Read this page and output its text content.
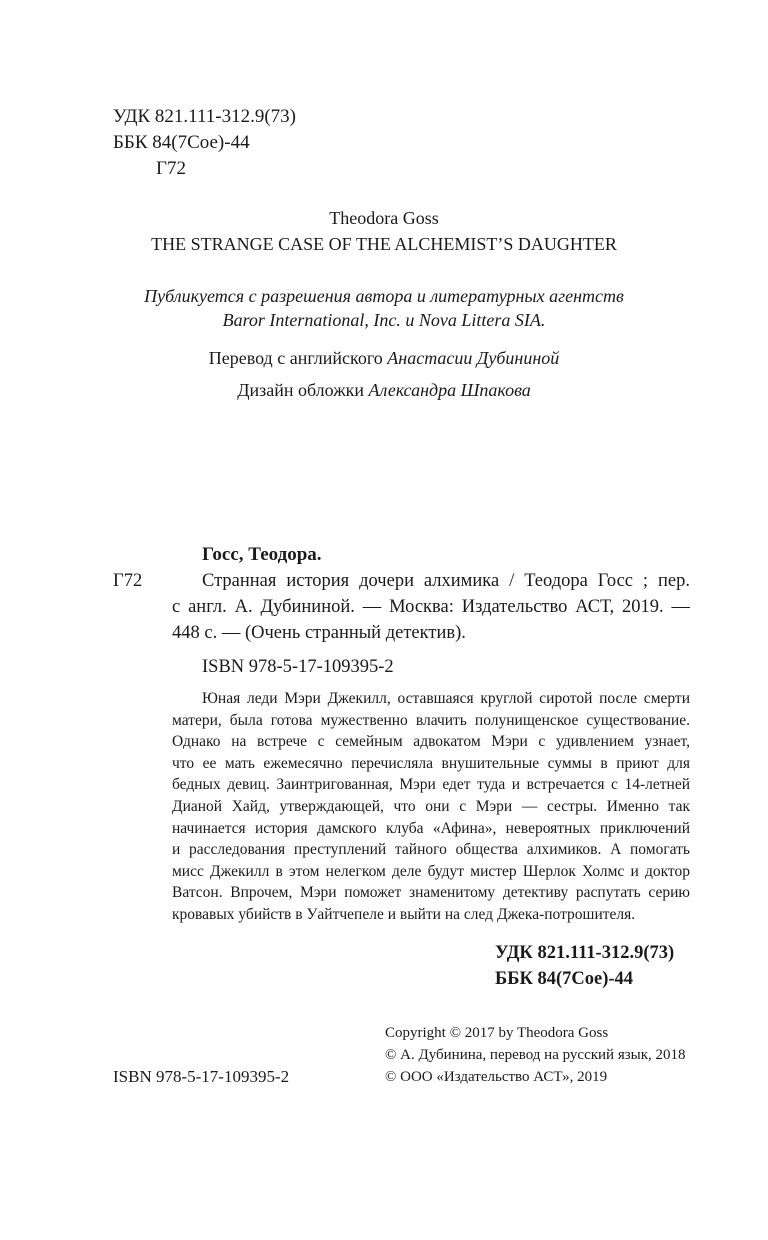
УДК 821.111-312.9(73)
ББК 84(7Сое)-44
Г72
Theodora Goss
THE STRANGE CASE OF THE ALCHEMIST’S DAUGHTER
Публикуется с разрешения автора и литературных агентств
Baror International, Inc. и Nova Littera SIA.
Перевод с английского Анастасии Дубининой
Дизайн обложки Александра Шпакова
Госс, Теодора.
Г72	Странная история дочери алхимика / Теодора Госс ; пер.
с англ. А. Дубининой. — Москва: Издательство АСТ, 2019. —
448 с. — (Очень странный детектив).
ISBN 978-5-17-109395-2
Юная леди Мэри Джекилл, оставшаяся круглой сиротой после смерти
матери, была готова мужественно влачить полунищенское существование.
Однако на встрече с семейным адвокатом Мэри с удивлением узнает,
что ее мать ежемесячно перечисляла внушительные суммы в приют для
бедных девиц. Заинтригованная, Мэри едет туда и встречается с 14-летней
Дианой Хайд, утверждающей, что они с Мэри — сестры. Именно так
начинается история дамского клуба «Афина», невероятных приключений
и расследования преступлений тайного общества алхимиков. А помогать
мисс Джекилл в этом нелегком деле будут мистер Шерлок Холмс и доктор
Ватсон. Впрочем, Мэри поможет знаменитому детективу распутать серию
кровавых убийств в Уайтчепеле и выйти на след Джека-потрошителя.
УДК 821.111-312.9(73)
ББК 84(7Сое)-44
Copyright © 2017 by Theodora Goss
© А. Дубинина, перевод на русский язык, 2018
© ООО «Издательство АСТ», 2019
ISBN 978-5-17-109395-2
